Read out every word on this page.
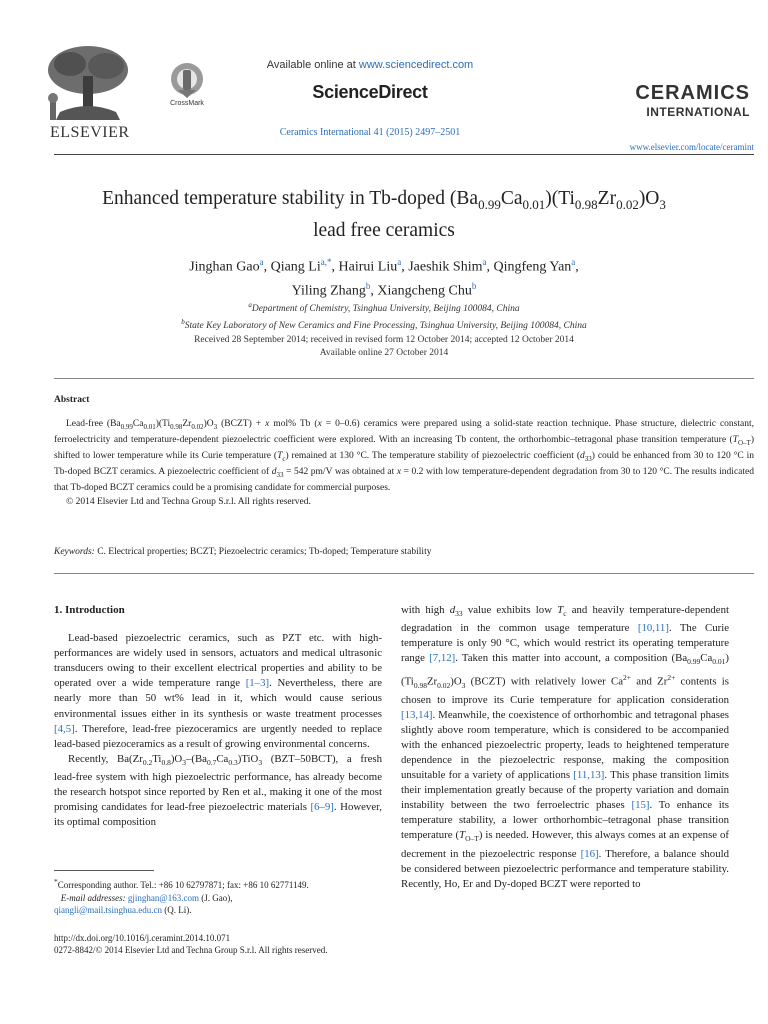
ELSEVIER
CrossMark
Available online at www.sciencedirect.com
ScienceDirect
Ceramics International 41 (2015) 2497–2501
CERAMICS
INTERNATIONAL
www.elsevier.com/locate/ceramint
Enhanced temperature stability in Tb-doped $(Ba_{0.99}Ca_{0.01})(Ti_{0.98}Zr_{0.02})O_3$
lead free ceramics
Jinghan Gao$^a$, Qiang $Li^{a,*}$, Hairui Liu$^a$, Jaeshik Shim$^a$, Qingfeng Yan$^a$,
Yiling Zhang$^b$, Xiangcheng Chu$^b$
$^a$Department of Chemistry, Tsinghua University, Beijing 100084, China
$^b$State Key Laboratory of New Ceramics and Fine Processing, Tsinghua University, Beijing 100084, China
Received 28 September 2014; received in revised form 12 October 2014; accepted 12 October 2014
Available online 27 October 2014
Abstract

Lead-free $(Ba_{0.99}Ca_{0.01})(Ti_{0.98}Zr_{0.02})O_3$ (BCZT) + x mol% Tb (x = 0–0.6) ceramics were prepared using a solid-state reaction technique. Phase structure, dielectric constant, ferroelectricity and temperature-dependent piezoelectric coefficient were explored. With an increasing Tb content, the orthorhombic–tetragonal phase transition temperature $(T_{O-T})$ shifted to lower temperature while its Curie temperature $(T_c)$ remained at 130 °C. The temperature stability of piezoelectric coefficient $(d_{33})$ could be enhanced from 30 to 120 °C in Tb-doped BCZT ceramics. A piezoelectric coefficient of $d_{33} = 542$ pm/V was obtained at x = 0.2 with low temperature-dependent degradation from 30 to 120 °C. The results indicated that Tb-doped BCZT ceramics could be a promising candidate for commercial purposes.

© 2014 Elsevier Ltd and Techna Group S.r.l. All rights reserved.

Keywords: C. Electrical properties; BCZT; Piezoelectric ceramics; Tb-doped; Temperature stability

1. Introduction

Lead-based piezoelectric ceramics, such as PZT etc. with high-performances are widely used in sensors, actuators and medical ultrasonic transducers owing to their excellent electrical properties and ability to be operated over a wide temperature range [1–3]. Nevertheless, there are nearly more than 50 wt% lead in it, which would cause serious environmental issues either in its synthesis or waste treatment processes [4,5]. Therefore, lead-free piezoceramics are urgently needed to replace lead-based piezoceramics as a result of growing environmental concerns.

Recently, $Ba(Zr_{0.2}Ti_{0.8})O_3-(Ba_{0.7}Ca_{0.3})TiO_3$ (BZT–50BCT), a fresh lead-free system with high piezoelectric performance, has already become the research hotspot since reported by Ren et al., making it one of the most promising candidates for lead-free piezoelectric materials [6–9]. However, its optimal composition

*Corresponding author. Tel.: +86 10 62797871; fax: +86 10 62771149.
E-mail addresses: gjinghan@163.com (J. Gao),
qiangli@mail.tsinghua.edu.cn (Q. Li).
http://dx.doi.org/10.1016/j.ceramint.2014.10.071
0272-8842/© 2014 Elsevier Ltd and Techna Group S.r.l. All rights reserved.

with high $d_{33}$ value exhibits low $T_c$ and heavily temperature-dependent degradation in the common usage temperature [10,11]. The Curie temperature is only 90 °C, which would restrict its operating temperature range [7,12]. Taken this matter into account, a composition $(Ba_{0.99}Ca_{0.01})(Ti_{0.98}Zr_{0.02})O_3$ (BCZT) with relatively lower $Ca^{2+}$ and $Zr^{2+}$ contents is chosen to improve its Curie temperature for application consideration [13,14]. Meanwhile, the coexistence of orthorhombic and tetragonal phases slightly above room temperature, which is considered to be accompanied with the enhanced piezoelectric property, leads to heightened temperature dependence in the piezoelectric response, making the composition unsuitable for a variety of applications [11,13]. This phase transition limits their implementation greatly because of the property variation and domain instability between the two ferroelectric phases [15]. To enhance its temperature stability, a lower orthorhombic–tetragonal phase transition temperature $(T_{O-T})$ is needed. However, this always comes at an expense of decrement in the piezoelectric response [16]. Therefore, a balance should be considered between piezoelectric performance and temperature stability. Recently, Ho, Er and Dy-doped BCZT were reported to
